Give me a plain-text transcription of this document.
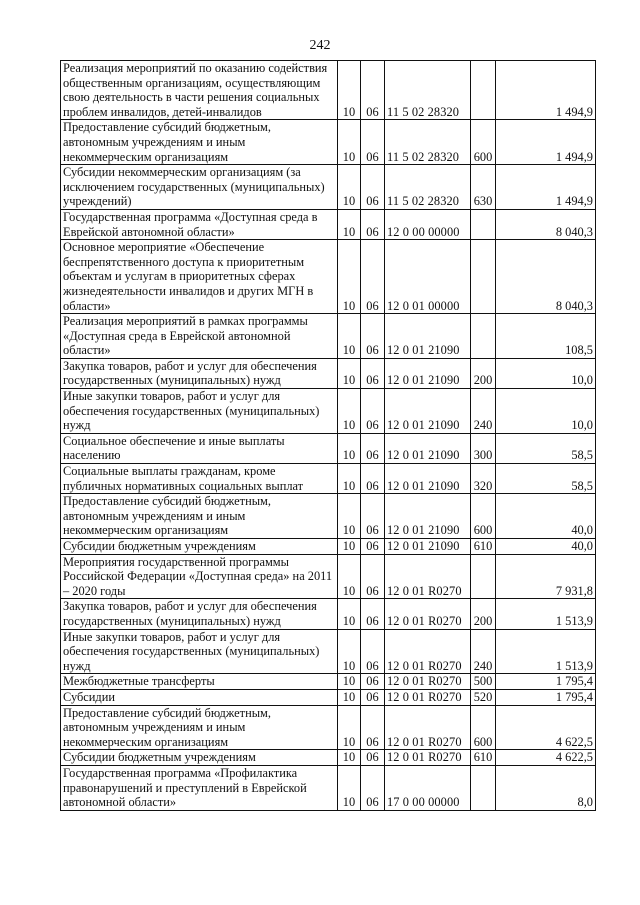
242
Реализация мероприятий по оказанию содействия общественным организациям, осуществляющим свою деятельность в части решения социальных проблем инвалидов, детей-инвалидов	10	06	11 5 02 28320		1 494,9
Предоставление субсидий бюджетным, автономным учреждениям и иным некоммерческим организациям	10	06	11 5 02 28320	600	1 494,9
Субсидии некоммерческим организациям (за исключением государственных (муниципальных) учреждений)	10	06	11 5 02 28320	630	1 494,9
Государственная программа «Доступная среда в Еврейской автономной области»	10	06	12 0 00 00000		8 040,3
Основное мероприятие «Обеспечение беспрепятственного доступа к приоритетным объектам и услугам в приоритетных сферах жизнедеятельности инвалидов и других МГН в области»	10	06	12 0 01 00000		8 040,3
Реализация мероприятий в рамках программы «Доступная среда в Еврейской автономной области»	10	06	12 0 01 21090		108,5
Закупка товаров, работ и услуг для обеспечения государственных (муниципальных) нужд	10	06	12 0 01 21090	200	10,0
Иные закупки товаров, работ и услуг для обеспечения государственных (муниципальных) нужд	10	06	12 0 01 21090	240	10,0
Социальное обеспечение и иные выплаты населению	10	06	12 0 01 21090	300	58,5
Социальные выплаты гражданам, кроме публичных нормативных социальных выплат	10	06	12 0 01 21090	320	58,5
Предоставление субсидий бюджетным, автономным учреждениям и иным некоммерческим организациям	10	06	12 0 01 21090	600	40,0
Субсидии бюджетным учреждениям	10	06	12 0 01 21090	610	40,0
Мероприятия государственной программы Российской Федерации «Доступная среда» на 2011 – 2020 годы	10	06	12 0 01 R0270		7 931,8
Закупка товаров, работ и услуг для обеспечения государственных (муниципальных) нужд	10	06	12 0 01 R0270	200	1 513,9
Иные закупки товаров, работ и услуг для обеспечения государственных (муниципальных) нужд	10	06	12 0 01 R0270	240	1 513,9
Межбюджетные трансферты	10	06	12 0 01 R0270	500	1 795,4
Субсидии	10	06	12 0 01 R0270	520	1 795,4
Предоставление субсидий бюджетным, автономным учреждениям и иным некоммерческим организациям	10	06	12 0 01 R0270	600	4 622,5
Субсидии бюджетным учреждениям	10	06	12 0 01 R0270	610	4 622,5
Государственная программа «Профилактика правонарушений и преступлений в Еврейской автономной области»	10	06	17 0 00 00000		8,0
